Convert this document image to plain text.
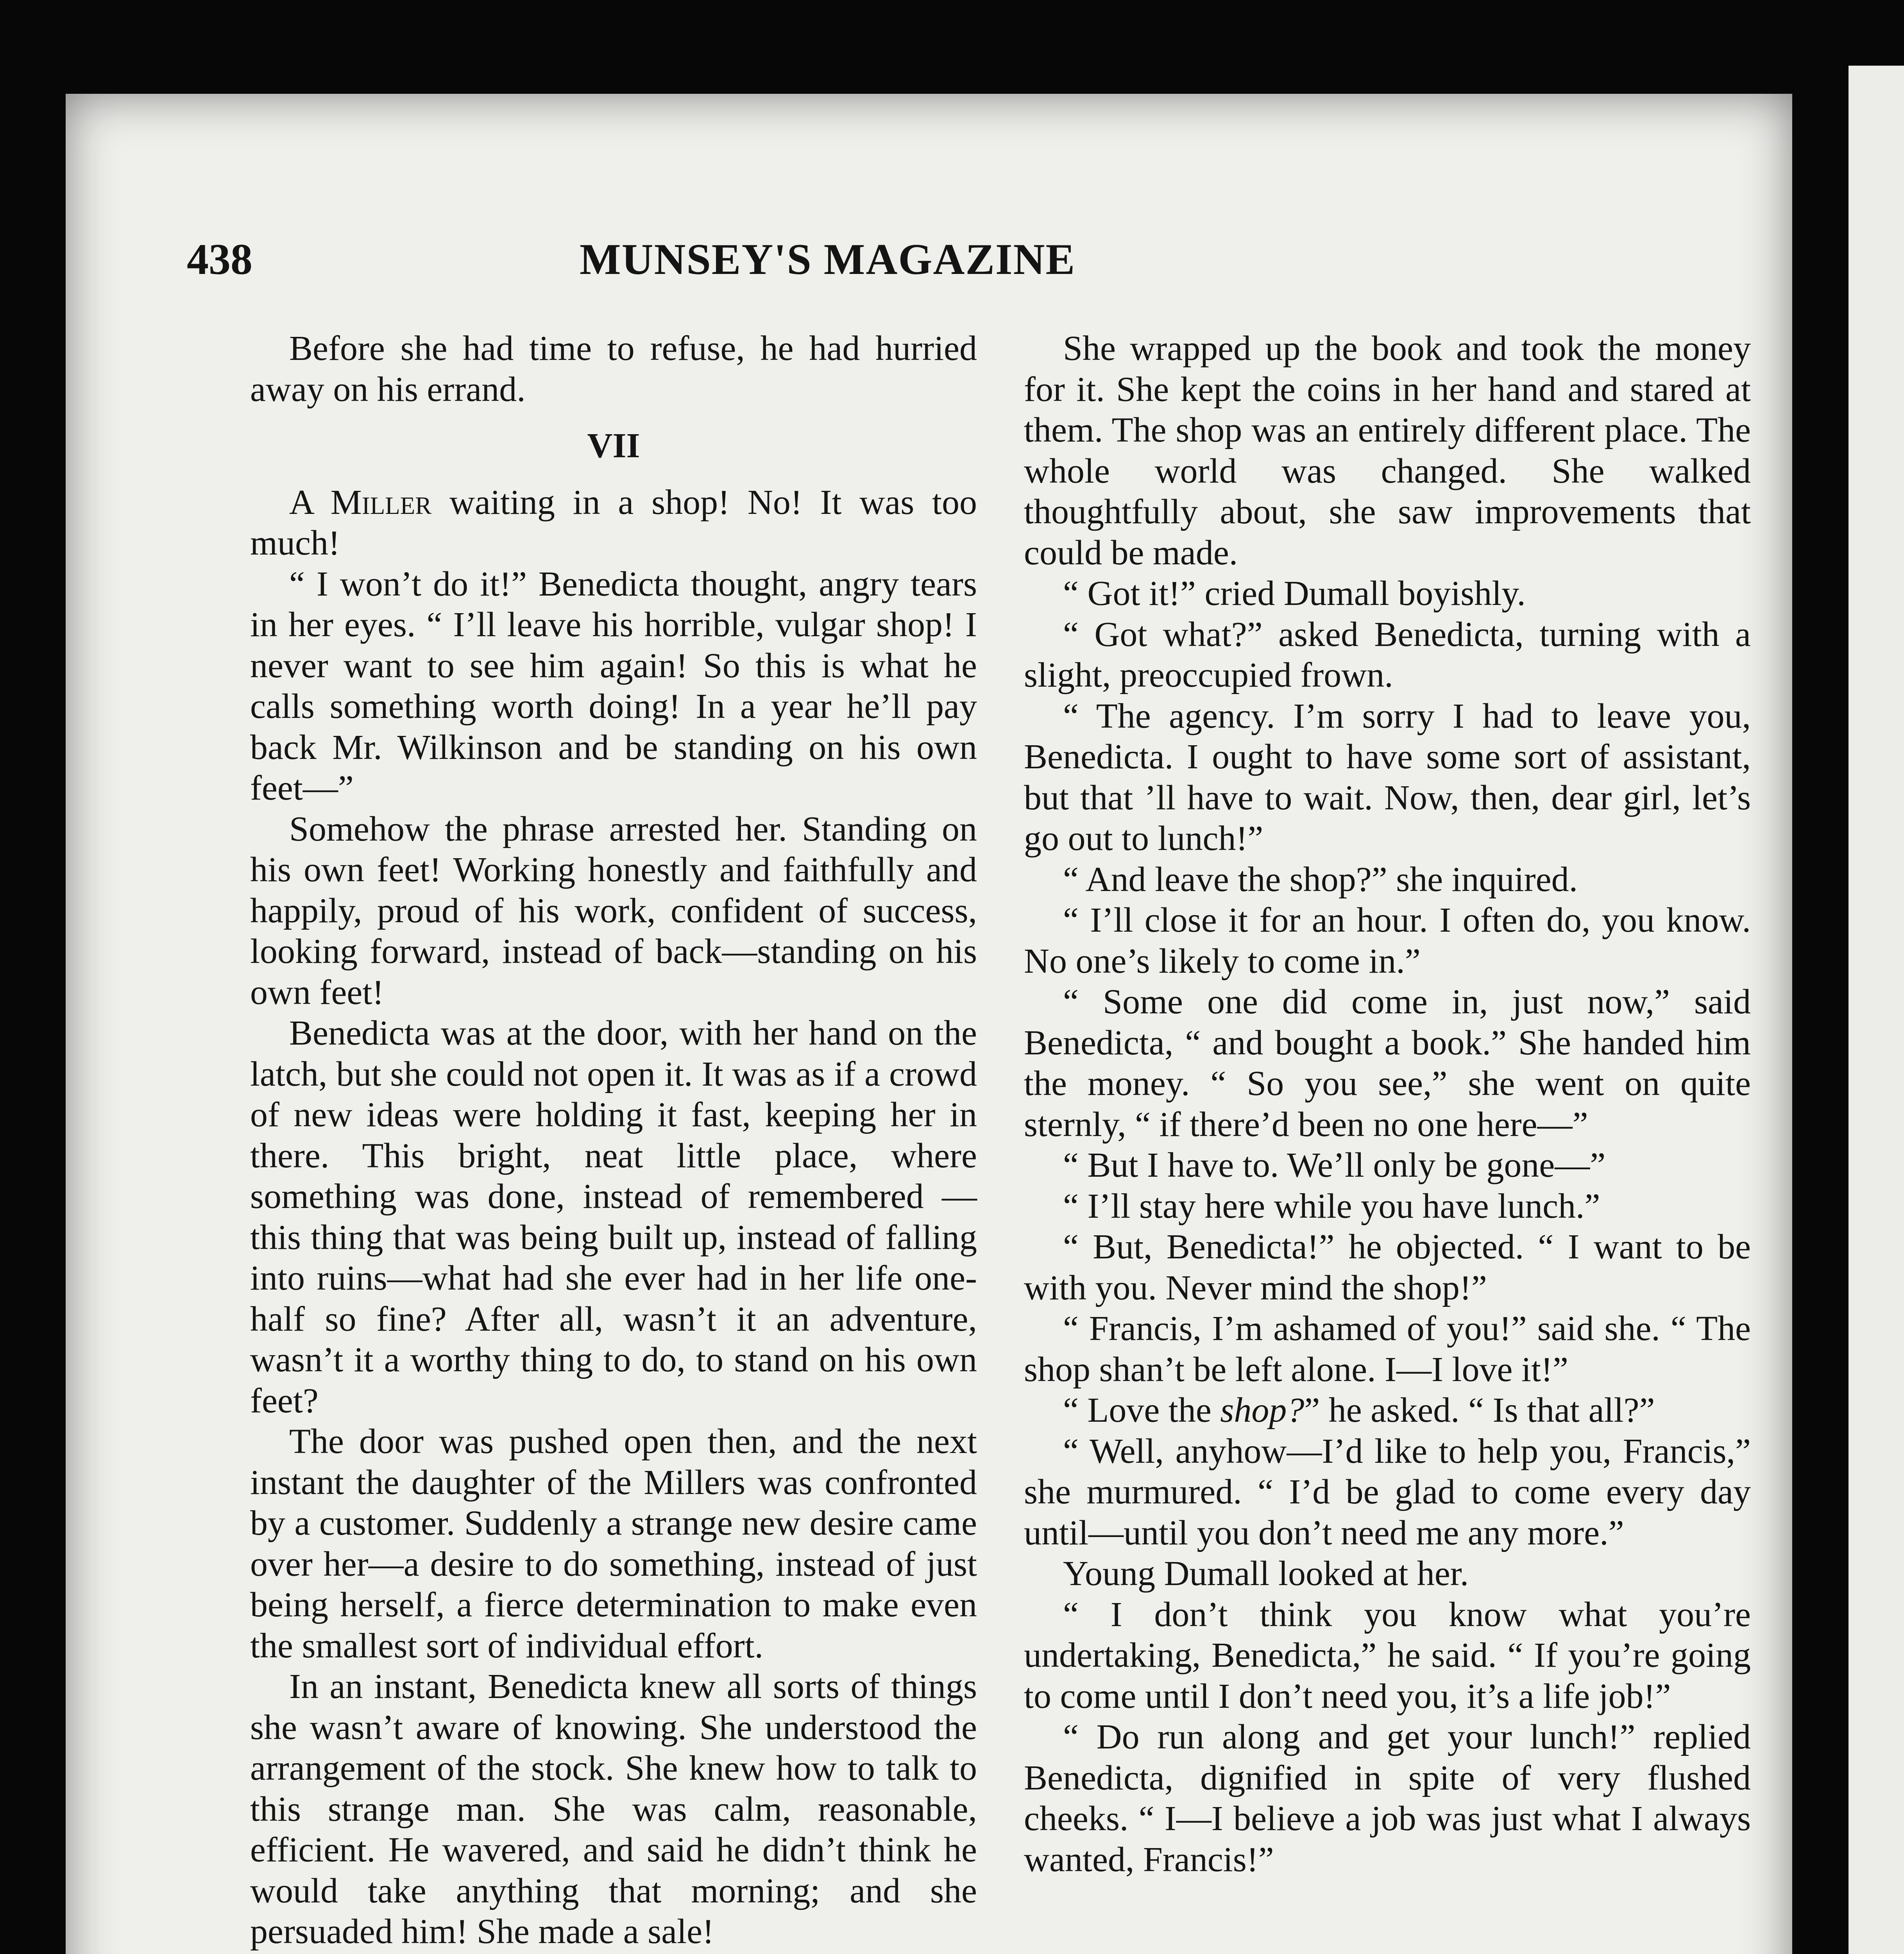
438	MUNSEY'S MAGAZINE

Before she had time to refuse, he had hurried away on his errand.

VII

A Miller waiting in a shop! No! It was too much!

“ I won’t do it!” Benedicta thought, angry tears in her eyes. “ I’ll leave his horrible, vulgar shop! I never want to see him again! So this is what he calls something worth doing! In a year he’ll pay back Mr. Wilkinson and be standing on his own feet—”

Somehow the phrase arrested her. Standing on his own feet! Working honestly and faithfully and happily, proud of his work, confident of success, looking forward, instead of back—standing on his own feet!

Benedicta was at the door, with her hand on the latch, but she could not open it. It was as if a crowd of new ideas were holding it fast, keeping her in there. This bright, neat little place, where something was done, instead of remembered — this thing that was being built up, instead of falling into ruins—what had she ever had in her life one-half so fine? After all, wasn’t it an adventure, wasn’t it a worthy thing to do, to stand on his own feet?

The door was pushed open then, and the next instant the daughter of the Millers was confronted by a customer. Suddenly a strange new desire came over her—a desire to do something, instead of just being herself, a fierce determination to make even the smallest sort of individual effort.

In an instant, Benedicta knew all sorts of things she wasn’t aware of knowing. She understood the arrangement of the stock. She knew how to talk to this strange man. She was calm, reasonable, efficient. He wavered, and said he didn’t think he would take anything that morning; and she persuaded him! She made a sale!

She wrapped up the book and took the money for it. She kept the coins in her hand and stared at them. The shop was an entirely different place. The whole world was changed. She walked thoughtfully about, she saw improvements that could be made.

“ Got it!” cried Dumall boyishly.

“ Got what?” asked Benedicta, turning with a slight, preoccupied frown.

“ The agency. I’m sorry I had to leave you, Benedicta. I ought to have some sort of assistant, but that ’ll have to wait. Now, then, dear girl, let’s go out to lunch!”

“ And leave the shop?” she inquired.

“ I’ll close it for an hour. I often do, you know. No one’s likely to come in.”

“ Some one did come in, just now,” said Benedicta, “ and bought a book.” She handed him the money. “ So you see,” she went on quite sternly, “ if there’d been no one here—”

“ But I have to. We’ll only be gone—”

“ I’ll stay here while you have lunch.”

“ But, Benedicta!” he objected. “ I want to be with you. Never mind the shop!”

“ Francis, I’m ashamed of you!” said she. “ The shop shan’t be left alone. I—I love it!”

“ Love the shop?” he asked. “ Is that all?”

“ Well, anyhow—I’d like to help you, Francis,” she murmured. “ I’d be glad to come every day until—until you don’t need me any more.”

Young Dumall looked at her.

“ I don’t think you know what you’re undertaking, Benedicta,” he said. “ If you’re going to come until I don’t need you, it’s a life job!”

“ Do run along and get your lunch!” replied Benedicta, dignified in spite of very flushed cheeks. “ I—I believe a job was just what I always wanted, Francis!”
